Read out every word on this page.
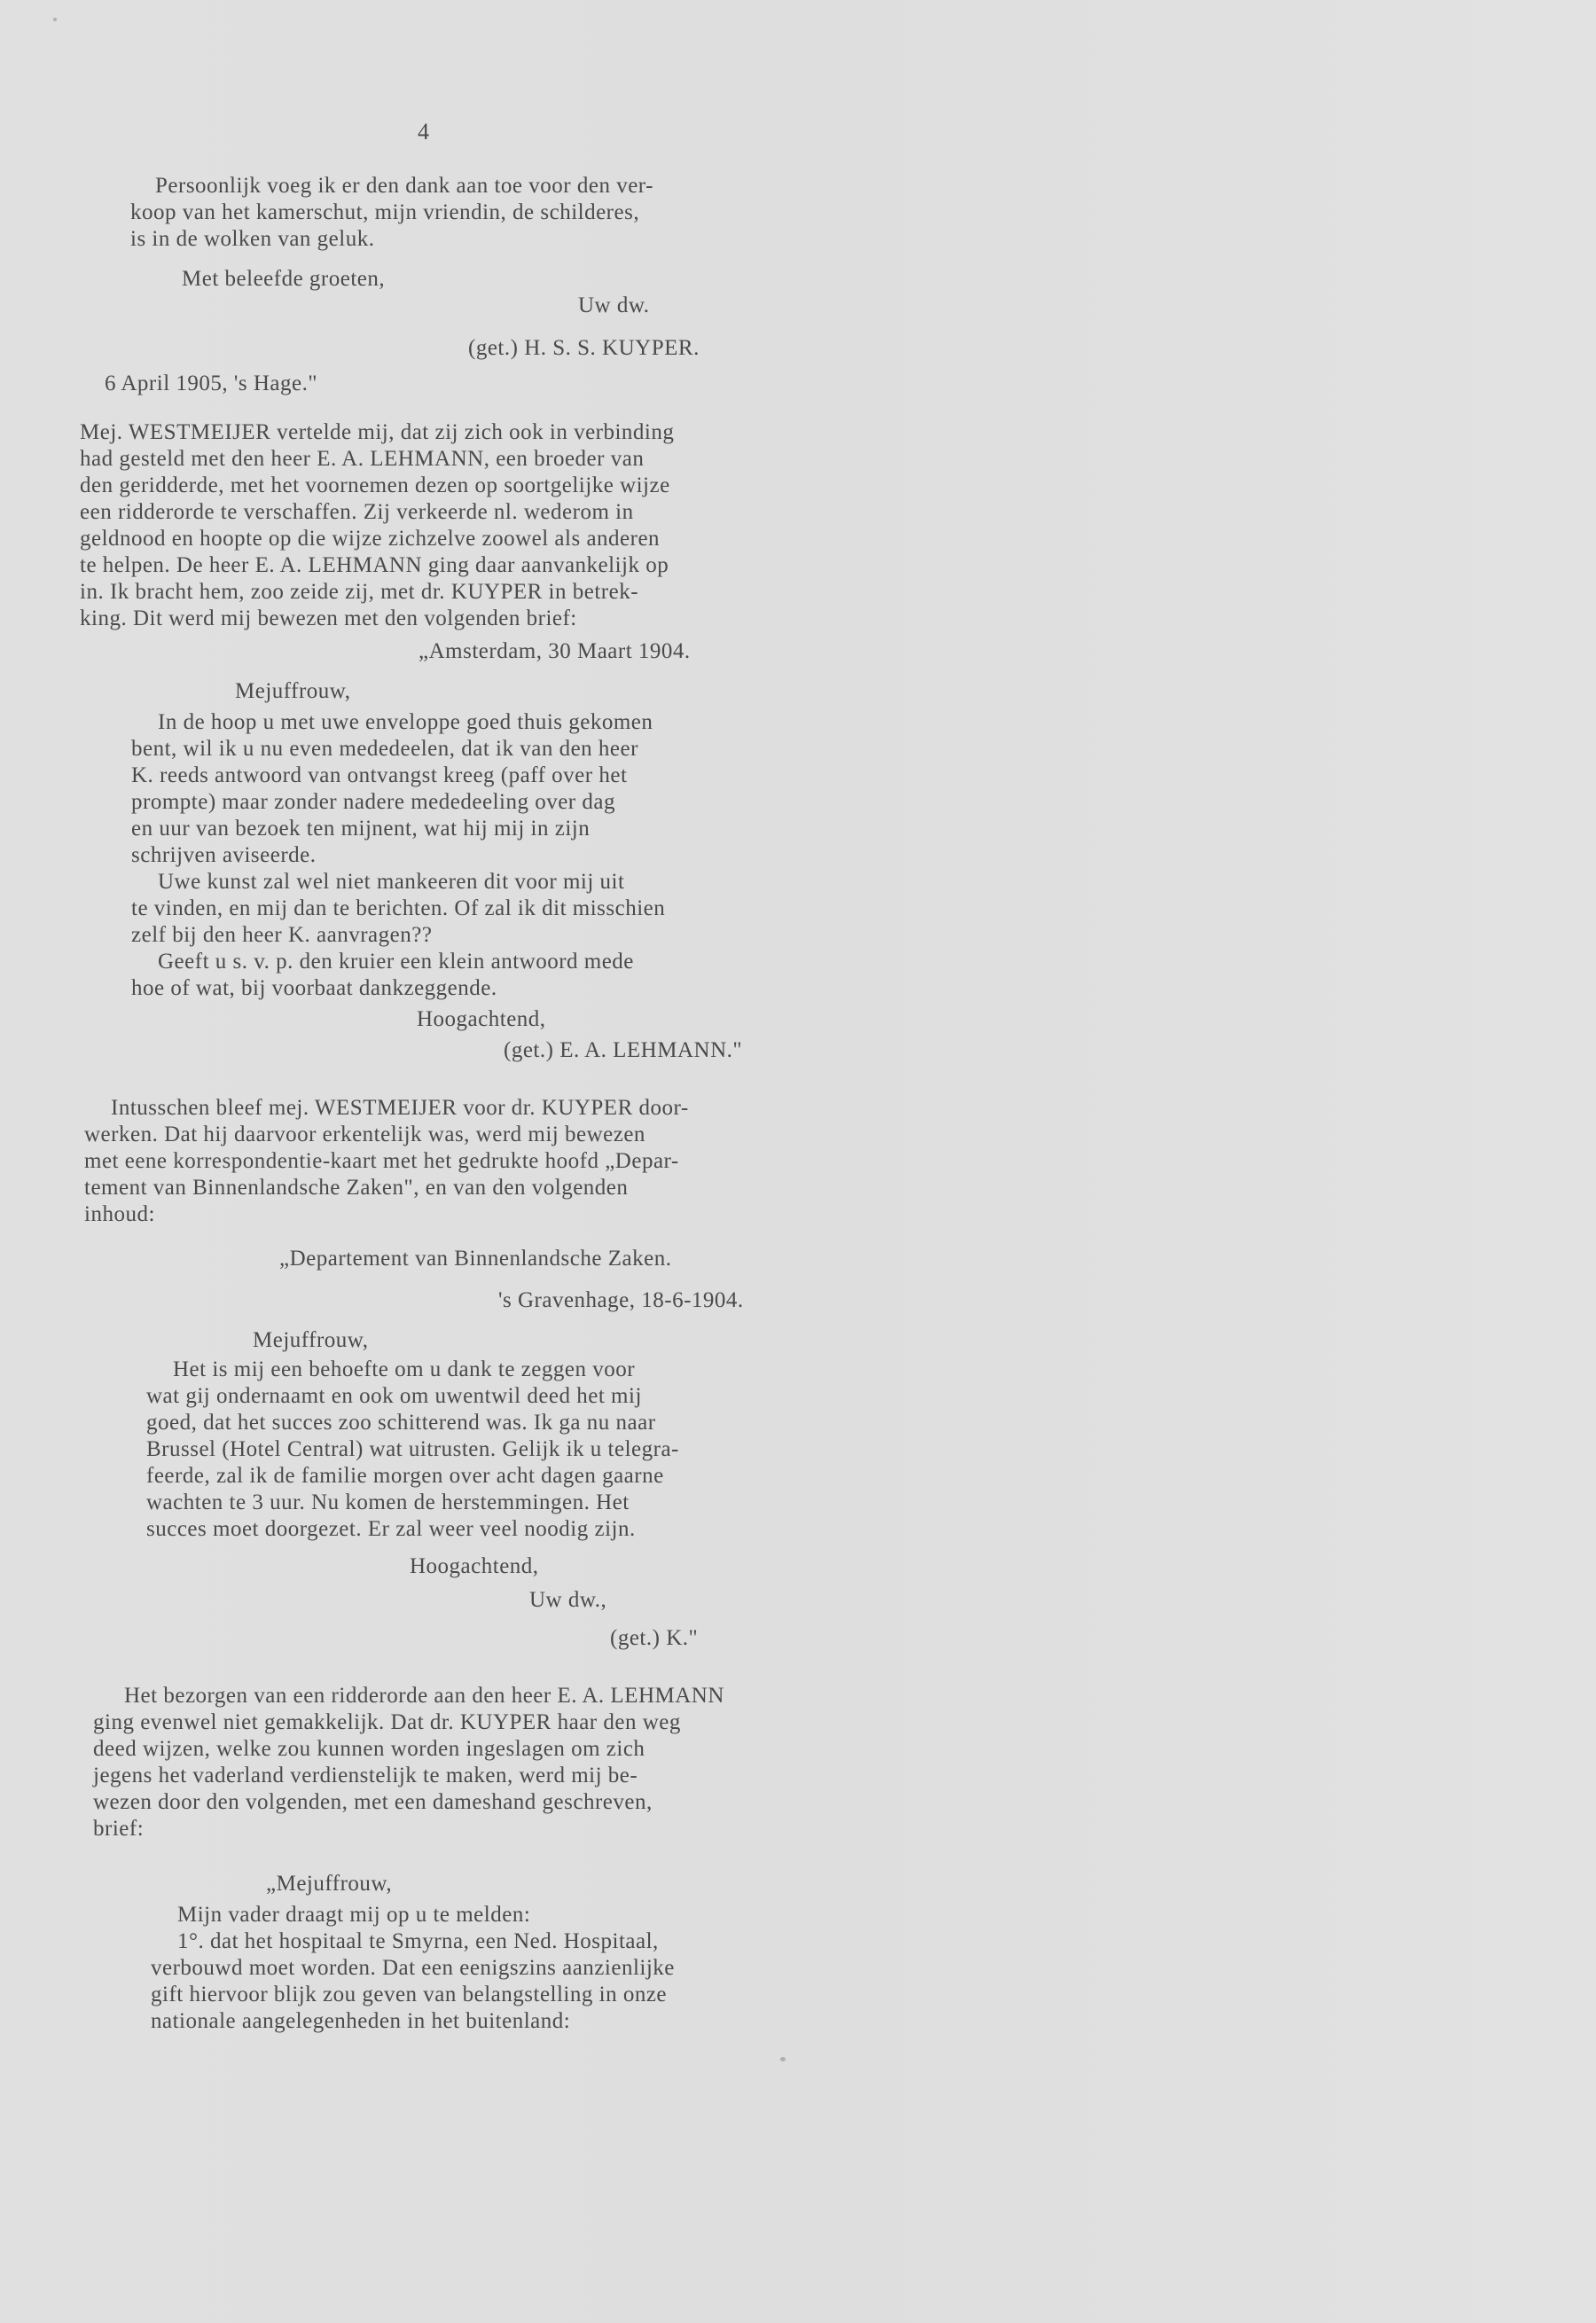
4
Persoonlijk voeg ik er den dank aan toe voor den ver-
koop van het kamerschut, mijn vriendin, de schilderes,
is in de wolken van geluk.
Met beleefde groeten,
Uw dw.
(get.) H. S. S. KUYPER.
6 April 1905, 's Hage."
Mej. WESTMEIJER vertelde mij, dat zij zich ook in verbinding
had gesteld met den heer E. A. LEHMANN, een broeder van
den geridderde, met het voornemen dezen op soortgelijke wijze
een ridderorde te verschaffen. Zij verkeerde nl. wederom in
geldnood en hoopte op die wijze zichzelve zoowel als anderen
te helpen. De heer E. A. LEHMANN ging daar aanvankelijk op
in. Ik bracht hem, zoo zeide zij, met dr. KUYPER in betrek-
king. Dit werd mij bewezen met den volgenden brief:
„Amsterdam, 30 Maart 1904.
Mejuffrouw,
In de hoop u met uwe enveloppe goed thuis gekomen
bent, wil ik u nu even mededeelen, dat ik van den heer
K. reeds antwoord van ontvangst kreeg (paff over het
prompte) maar zonder nadere mededeeling over dag
en uur van bezoek ten mijnent, wat hij mij in zijn
schrijven aviseerde.
Uwe kunst zal wel niet mankeeren dit voor mij uit
te vinden, en mij dan te berichten. Of zal ik dit misschien
zelf bij den heer K. aanvragen??
Geeft u s. v. p. den kruier een klein antwoord mede
hoe of wat, bij voorbaat dankzeggende.
Hoogachtend,
(get.) E. A. LEHMANN."
Intusschen bleef mej. WESTMEIJER voor dr. KUYPER door-
werken. Dat hij daarvoor erkentelijk was, werd mij bewezen
met eene korrespondentie-kaart met het gedrukte hoofd „Depar-
tement van Binnenlandsche Zaken", en van den volgenden
inhoud:
„Departement van Binnenlandsche Zaken.
's Gravenhage, 18-6-1904.
Mejuffrouw,
Het is mij een behoefte om u dank te zeggen voor
wat gij ondernaamt en ook om uwentwil deed het mij
goed, dat het succes zoo schitterend was. Ik ga nu naar
Brussel (Hotel Central) wat uitrusten. Gelijk ik u telegra-
feerde, zal ik de familie morgen over acht dagen gaarne
wachten te 3 uur. Nu komen de herstemmingen. Het
succes moet doorgezet. Er zal weer veel noodig zijn.
Hoogachtend,
Uw dw.,
(get.) K."
Het bezorgen van een ridderorde aan den heer E. A. LEHMANN
ging evenwel niet gemakkelijk. Dat dr. KUYPER haar den weg
deed wijzen, welke zou kunnen worden ingeslagen om zich
jegens het vaderland verdienstelijk te maken, werd mij be-
wezen door den volgenden, met een dameshand geschreven,
brief:
„Mejuffrouw,
Mijn vader draagt mij op u te melden:
1°. dat het hospitaal te Smyrna, een Ned. Hospitaal,
verbouwd moet worden. Dat een eenigszins aanzienlijke
gift hiervoor blijk zou geven van belangstelling in onze
nationale aangelegenheden in het buitenland:
